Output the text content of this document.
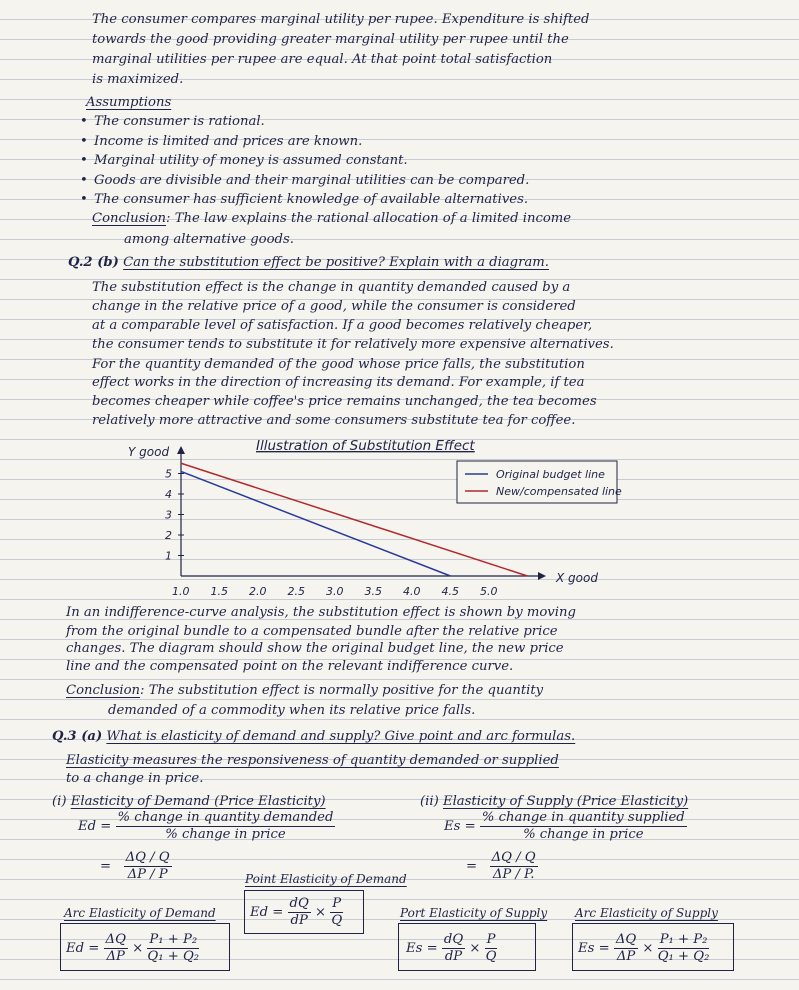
The consumer compares marginal utility per rupee. Expenditure is shifted
towards the good providing greater marginal utility per rupee until the
marginal utilities per rupee are equal. At that point total satisfaction
is maximized.
Assumptions
• The consumer is rational.
• Income is limited and prices are known.
• Marginal utility of money is assumed constant.
• Goods are divisible and their marginal utilities can be compared.
• The consumer has sufficient knowledge of available alternatives.
Conclusion: The law explains the rational allocation of a limited income
among alternative goods.
Q.2 (b) Can the substitution effect be positive? Explain with a diagram.
The substitution effect is the change in quantity demanded caused by a
change in the relative price of a good, while the consumer is considered
at a comparable level of satisfaction. If a good becomes relatively cheaper,
the consumer tends to substitute it for relatively more expensive alternatives.
For the quantity demanded of the good whose price falls, the substitution
effect works in the direction of increasing its demand. For example, if tea
becomes cheaper while coffee's price remains unchanged, the tea becomes
relatively more attractive and some consumers substitute tea for coffee.
Illustration of Substitution Effect
Y good
X good
1.0 1.5 2.0 2.5 3.0 3.5 4.0 4.5 5.0
1
2
3
4
5	Original budget line
New/compensated line
In an indifference-curve analysis, the substitution effect is shown by moving
from the original bundle to a compensated bundle after the relative price
changes. The diagram should show the original budget line, the new price
line and the compensated point on the relevant indifference curve.
Conclusion: The substitution effect is normally positive for the quantity
demanded of a commodity when its relative price falls.
Q.3 (a) What is elasticity of demand and supply? Give point and arc formulas.
Elasticity measures the responsiveness of quantity demanded or supplied
to a change in price.
(i) Elasticity of Demand (Price Elasticity)
$Ed = \frac{\text{\% change in quantity demanded}}{\text{\% change in price}}$
= $\frac{\Delta Q / Q}{\Delta P / P}$
(ii) Elasticity of Supply (Price Elasticity)
$Es = \frac{\text{\% change in quantity supplied}}{\text{\% change in price}}$
= $\frac{\Delta Q / Q}{\Delta P / P.}$
Point Elasticity of Demand
$Ed = \frac{dQ}{dP} \times \frac{P}{Q}$
Arc Elasticity of Demand
$Ed = \frac{\Delta Q}{\Delta P} \times \frac{\text{P₁ + P₂}}{\text{Q₁ + Q₂}}$
Port Elasticity of Supply
$Es = \frac{dQ}{dP} \times \frac{P}{Q}$
Arc Elasticity of Supply
$Es = \frac{\Delta Q}{\Delta P} \times \frac{\text{P₁ + P₂}}{\text{Q₁ + Q₂}}$
